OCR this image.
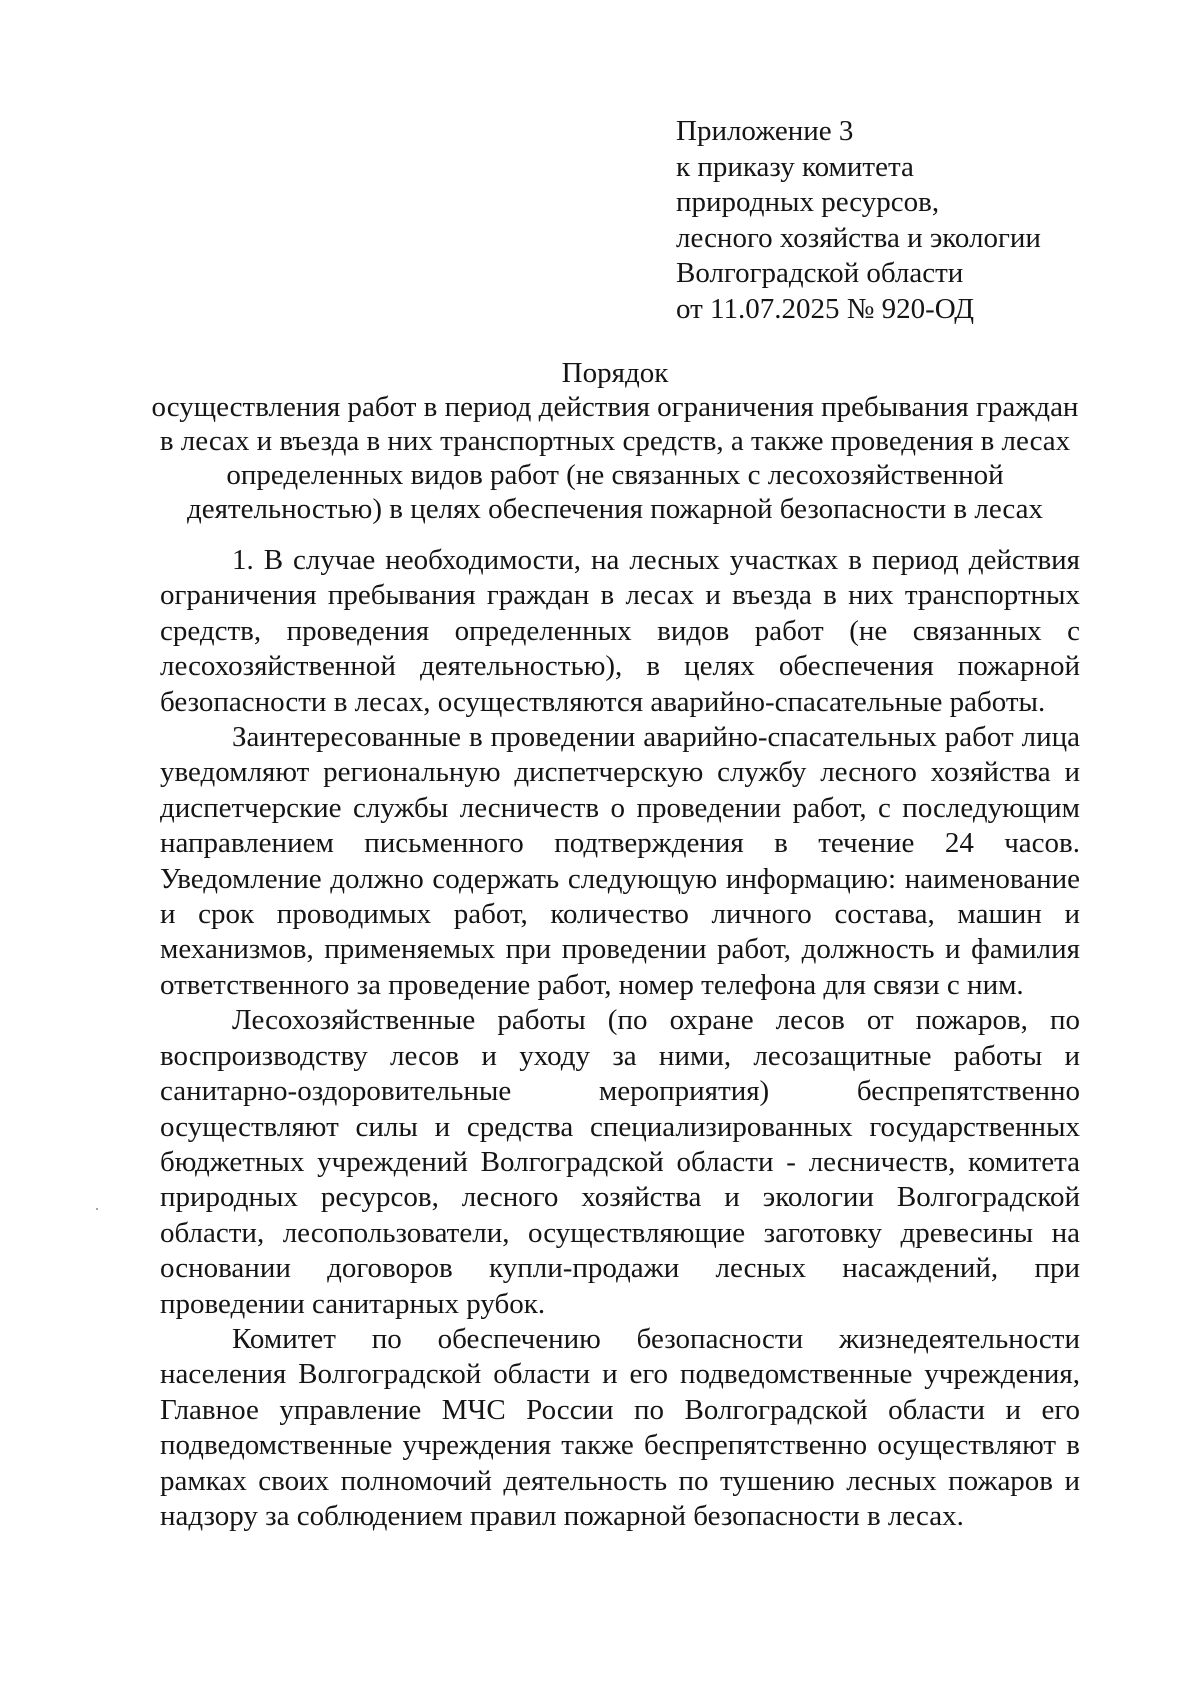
Приложение 3
к приказу комитета
природных ресурсов,
лесного хозяйства и экологии
Волгоградской области
от 11.07.2025 № 920-ОД
Порядок
осуществления работ в период действия ограничения пребывания граждан в лесах и въезда в них транспортных средств, а также проведения в лесах определенных видов работ (не связанных с лесохозяйственной деятельностью) в целях обеспечения пожарной безопасности в лесах

1. В случае необходимости, на лесных участках в период действия ограничения пребывания граждан в лесах и въезда в них транспортных средств, проведения определенных видов работ (не связанных с лесохозяйственной деятельностью), в целях обеспечения пожарной безопасности в лесах, осуществляются аварийно-спасательные работы.

Заинтересованные в проведении аварийно-спасательных работ лица уведомляют региональную диспетчерскую службу лесного хозяйства и диспетчерские службы лесничеств о проведении работ, с последующим направлением письменного подтверждения в течение 24 часов. Уведомление должно содержать следующую информацию: наименование и срок проводимых работ, количество личного состава, машин и механизмов, применяемых при проведении работ, должность и фамилия ответственного за проведение работ, номер телефона для связи с ним.

Лесохозяйственные работы (по охране лесов от пожаров, по воспроизводству лесов и уходу за ними, лесозащитные работы и санитарно-оздоровительные мероприятия) беспрепятственно осуществляют силы и средства специализированных государственных бюджетных учреждений Волгоградской области - лесничеств, комитета природных ресурсов, лесного хозяйства и экологии Волгоградской области, лесопользователи, осуществляющие заготовку древесины на основании договоров купли-продажи лесных насаждений, при проведении санитарных рубок.

Комитет по обеспечению безопасности жизнедеятельности населения Волгоградской области и его подведомственные учреждения, Главное управление МЧС России по Волгоградской области и его подведомственные учреждения также беспрепятственно осуществляют в рамках своих полномочий деятельность по тушению лесных пожаров и надзору за соблюдением правил пожарной безопасности в лесах.
